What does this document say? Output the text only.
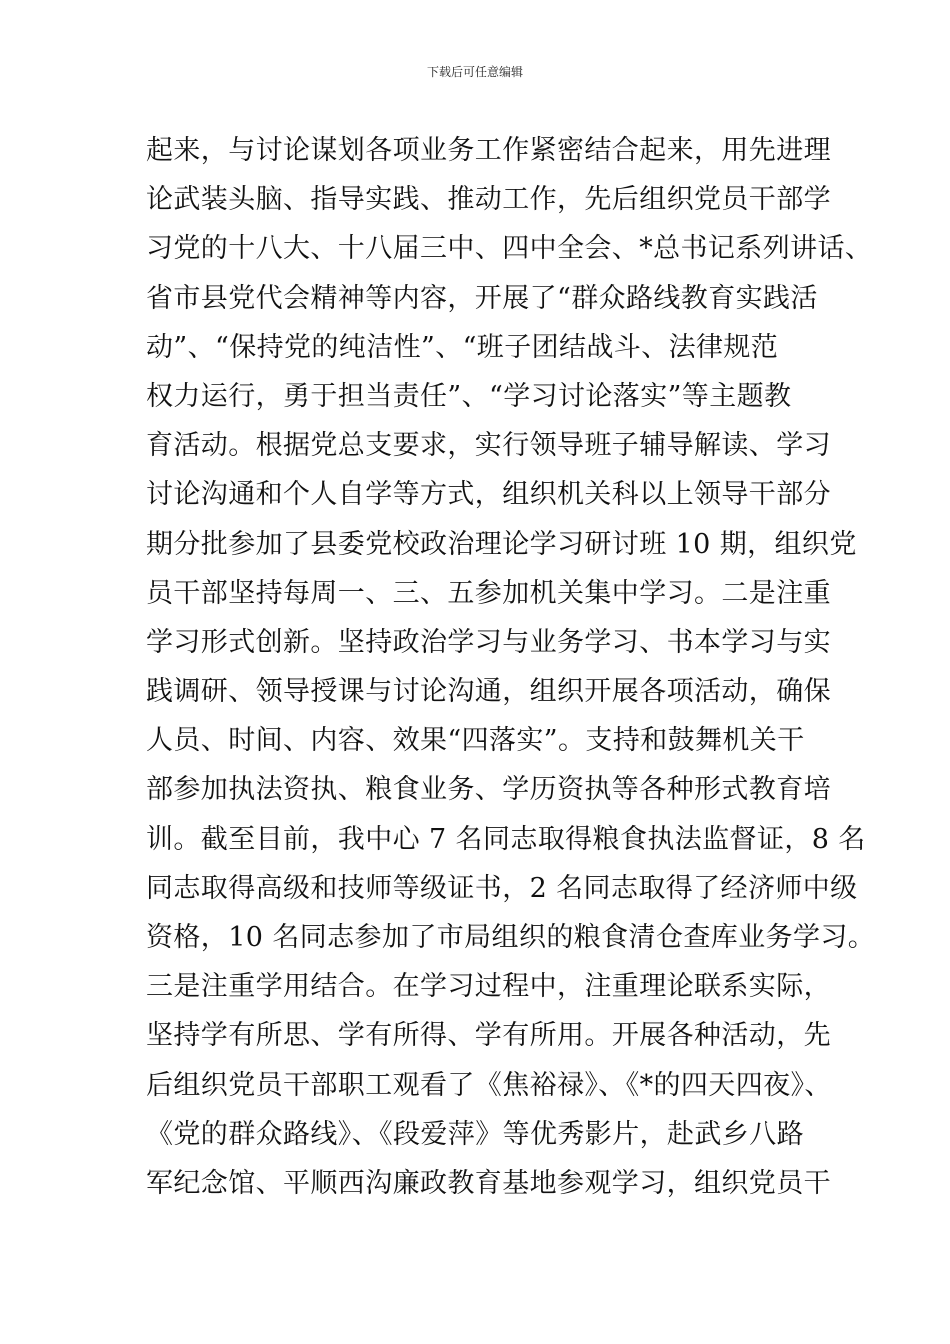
下载后可任意编辑
起来，与讨论谋划各项业务工作紧密结合起来，用先进理
论武装头脑、指导实践、推动工作，先后组织党员干部学
习党的十八大、十八届三中、四中全会、*总书记系列讲话、
省市县党代会精神等内容，开展了“群众路线教育实践活
动”、“保持党的纯洁性”、“班子团结战斗、法律规范
权力运行，勇于担当责任”、“学习讨论落实”等主题教
育活动。根据党总支要求，实行领导班子辅导解读、学习
讨论沟通和个人自学等方式，组织机关科以上领导干部分
期分批参加了县委党校政治理论学习研讨班 10 期，组织党
员干部坚持每周一、三、五参加机关集中学习。二是注重
学习形式创新。坚持政治学习与业务学习、书本学习与实
践调研、领导授课与讨论沟通，组织开展各项活动，确保
人员、时间、内容、效果“四落实”。支持和鼓舞机关干
部参加执法资执、粮食业务、学历资执等各种形式教育培
训。截至目前，我中心 7 名同志取得粮食执法监督证，8 名
同志取得高级和技师等级证书，2 名同志取得了经济师中级
资格，10 名同志参加了市局组织的粮食清仓查库业务学习。
三是注重学用结合。在学习过程中，注重理论联系实际，
坚持学有所思、学有所得、学有所用。开展各种活动，先
后组织党员干部职工观看了《焦裕禄》、《*的四天四夜》、
《党的群众路线》、《段爱萍》等优秀影片，赴武乡八路
军纪念馆、平顺西沟廉政教育基地参观学习，组织党员干
